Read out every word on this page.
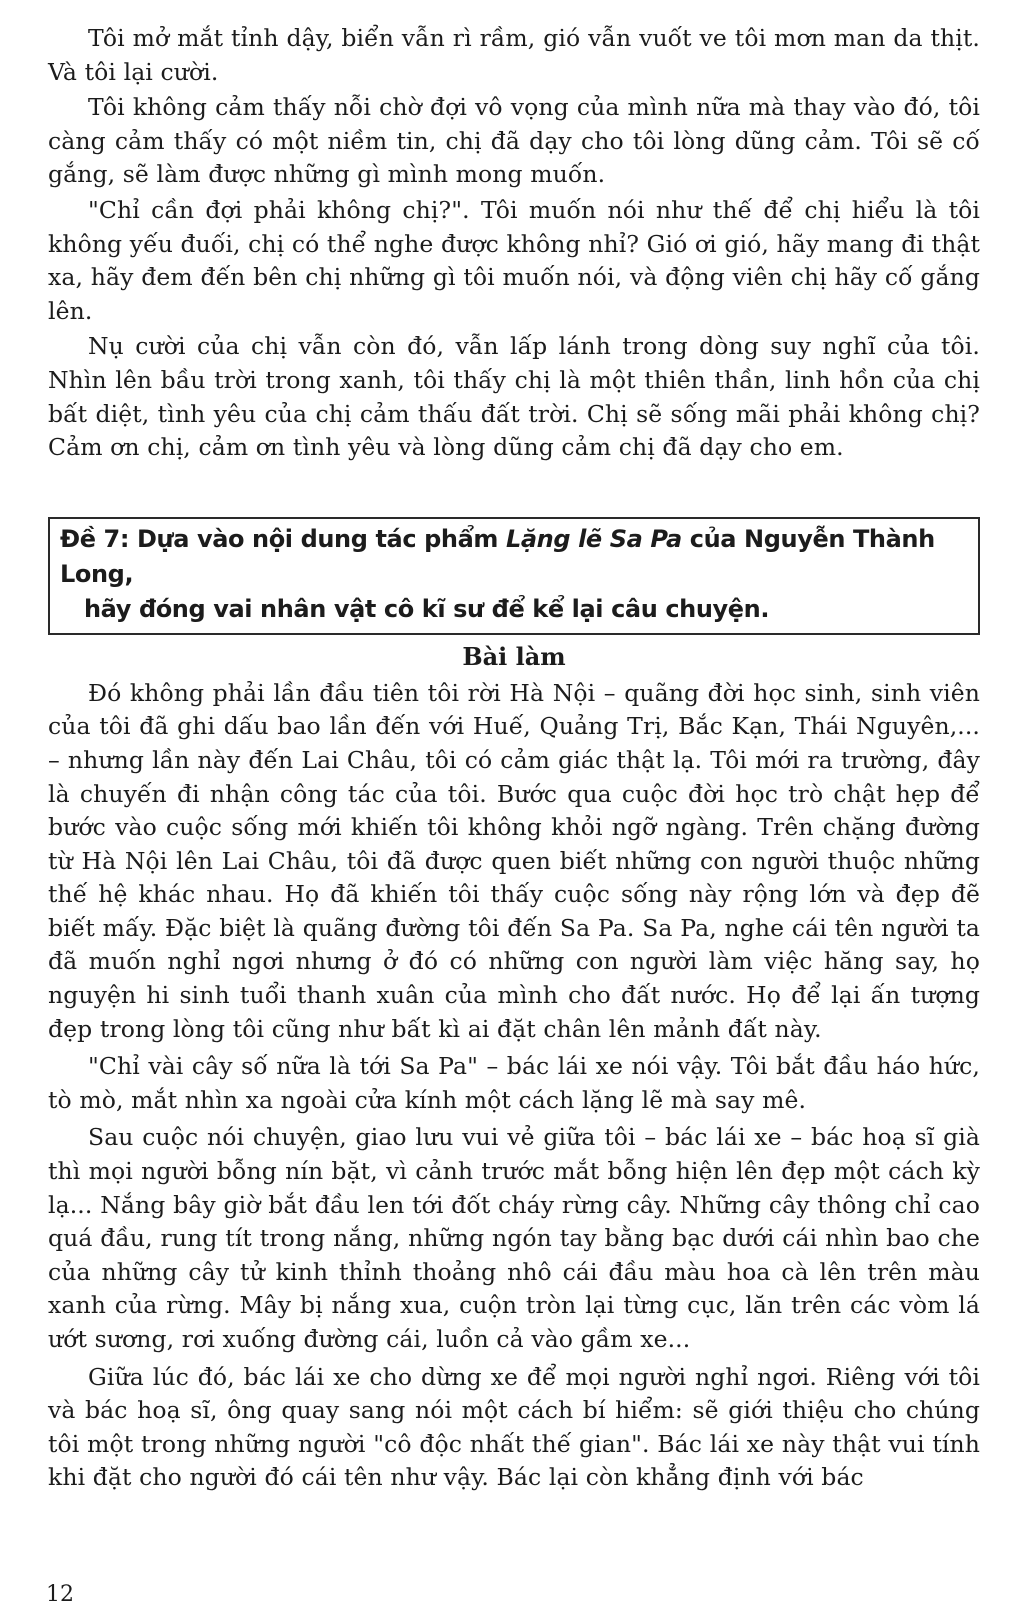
Tôi mở mắt tỉnh dậy, biển vẫn rì rầm, gió vẫn vuốt ve tôi mơn man da thịt. Và tôi lại cười.

Tôi không cảm thấy nỗi chờ đợi vô vọng của mình nữa mà thay vào đó, tôi càng cảm thấy có một niềm tin, chị đã dạy cho tôi lòng dũng cảm. Tôi sẽ cố gắng, sẽ làm được những gì mình mong muốn.

"Chỉ cần đợi phải không chị?". Tôi muốn nói như thế để chị hiểu là tôi không yếu đuối, chị có thể nghe được không nhỉ? Gió ơi gió, hãy mang đi thật xa, hãy đem đến bên chị những gì tôi muốn nói, và động viên chị hãy cố gắng lên.

Nụ cười của chị vẫn còn đó, vẫn lấp lánh trong dòng suy nghĩ của tôi. Nhìn lên bầu trời trong xanh, tôi thấy chị là một thiên thần, linh hồn của chị bất diệt, tình yêu của chị cảm thấu đất trời. Chị sẽ sống mãi phải không chị? Cảm ơn chị, cảm ơn tình yêu và lòng dũng cảm chị đã dạy cho em.

Đề 7: Dựa vào nội dung tác phẩm Lặng lẽ Sa Pa của Nguyễn Thành Long,
hãy đóng vai nhân vật cô kĩ sư để kể lại câu chuyện.
Bài làm

Đó không phải lần đầu tiên tôi rời Hà Nội – quãng đời học sinh, sinh viên của tôi đã ghi dấu bao lần đến với Huế, Quảng Trị, Bắc Kạn, Thái Nguyên,... – nhưng lần này đến Lai Châu, tôi có cảm giác thật lạ. Tôi mới ra trường, đây là chuyến đi nhận công tác của tôi. Bước qua cuộc đời học trò chật hẹp để bước vào cuộc sống mới khiến tôi không khỏi ngỡ ngàng. Trên chặng đường từ Hà Nội lên Lai Châu, tôi đã được quen biết những con người thuộc những thế hệ khác nhau. Họ đã khiến tôi thấy cuộc sống này rộng lớn và đẹp đẽ biết mấy. Đặc biệt là quãng đường tôi đến Sa Pa. Sa Pa, nghe cái tên người ta đã muốn nghỉ ngơi nhưng ở đó có những con người làm việc hăng say, họ nguyện hi sinh tuổi thanh xuân của mình cho đất nước. Họ để lại ấn tượng đẹp trong lòng tôi cũng như bất kì ai đặt chân lên mảnh đất này.

"Chỉ vài cây số nữa là tới Sa Pa" – bác lái xe nói vậy. Tôi bắt đầu háo hức, tò mò, mắt nhìn xa ngoài cửa kính một cách lặng lẽ mà say mê.

Sau cuộc nói chuyện, giao lưu vui vẻ giữa tôi – bác lái xe – bác hoạ sĩ già thì mọi người bỗng nín bặt, vì cảnh trước mắt bỗng hiện lên đẹp một cách kỳ lạ... Nắng bây giờ bắt đầu len tới đốt cháy rừng cây. Những cây thông chỉ cao quá đầu, rung tít trong nắng, những ngón tay bằng bạc dưới cái nhìn bao che của những cây tử kinh thỉnh thoảng nhô cái đầu màu hoa cà lên trên màu xanh của rừng. Mây bị nắng xua, cuộn tròn lại từng cục, lăn trên các vòm lá ướt sương, rơi xuống đường cái, luồn cả vào gầm xe...

Giữa lúc đó, bác lái xe cho dừng xe để mọi người nghỉ ngơi. Riêng với tôi và bác hoạ sĩ, ông quay sang nói một cách bí hiểm: sẽ giới thiệu cho chúng tôi một trong những người "cô độc nhất thế gian". Bác lái xe này thật vui tính khi đặt cho người đó cái tên như vậy. Bác lại còn khẳng định với bác

12
